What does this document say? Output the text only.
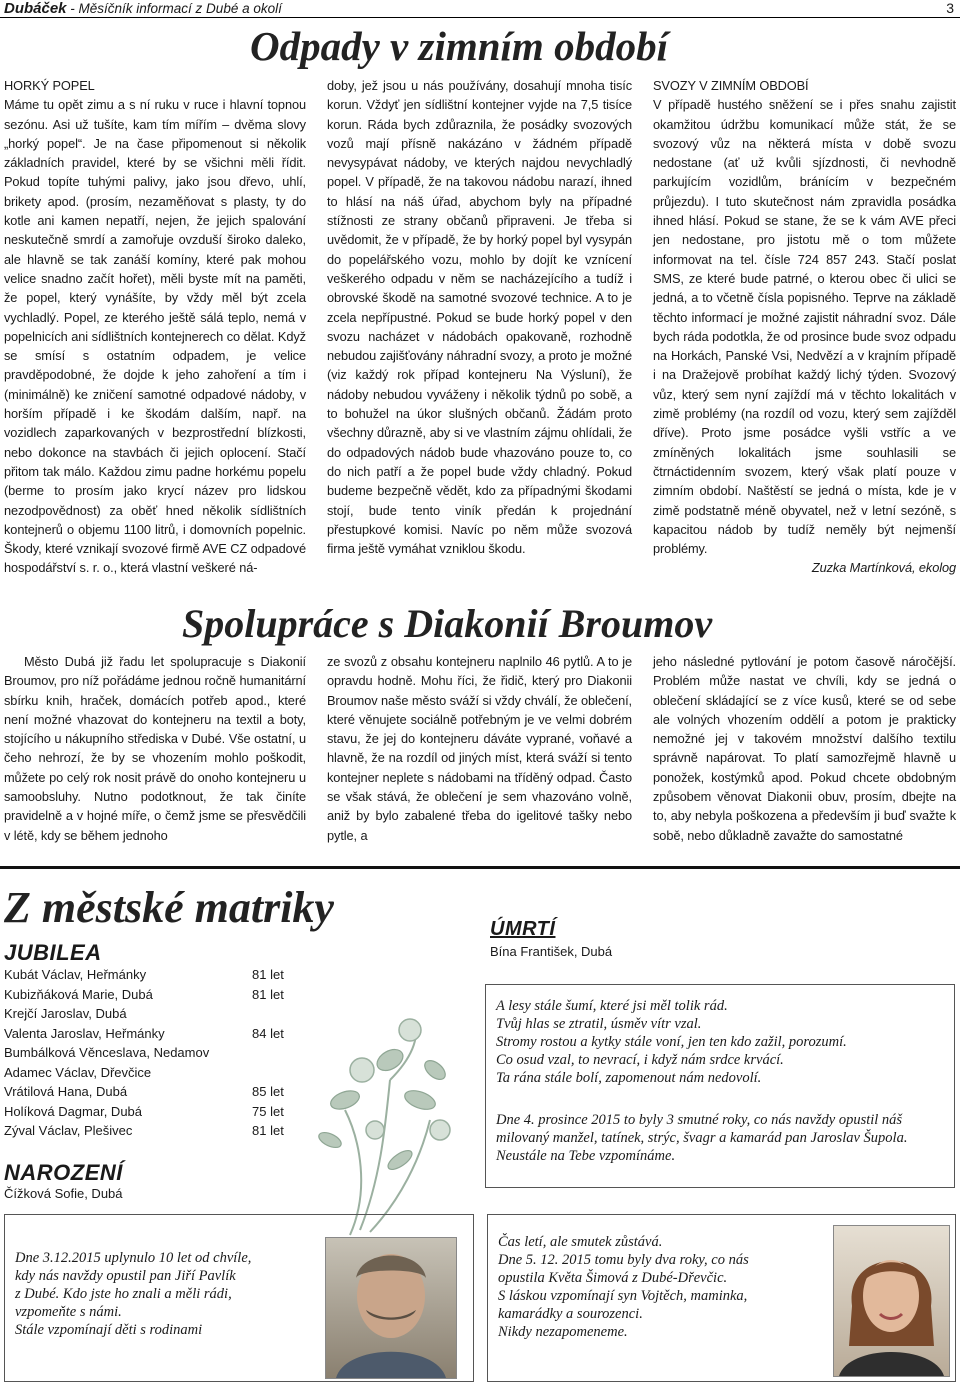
Dubáček - Měsíčník informací z Dubé a okolí	3
Odpady v zimním období

HORKÝ POPEL

Máme tu opět zimu a s ní ruku v ruce i hlavní topnou sezónu. Asi už tušíte, kam tím mířím – dvěma slovy „horký popel“. Je na čase připomenout si několik základních pravidel, které by se všichni měli řídit. Pokud topíte tuhými palivy, jako jsou dřevo, uhlí, brikety apod. (prosím, nezaměňovat s plasty, ty do kotle ani kamen nepatří, nejen, že jejich spalování neskutečně smrdí a zamořuje ovzduší široko daleko, ale hlavně se tak zanáší komíny, které pak mohou velice snadno začít hořet), měli byste mít na paměti, že popel, který vynášíte, by vždy měl být zcela vychladlý. Popel, ze kterého ještě sálá teplo, nemá v popelnicích ani sídlištních kontejnerech co dělat. Když se smísí s ostatním odpadem, je velice pravděpodobné, že dojde k jeho zahoření a tím i (minimálně) ke zničení samotné odpadové nádoby, v horším případě i ke škodám dalším, např. na vozidlech zaparkovaných v bezprostřední blízkosti, nebo dokonce na stavbách či jejich oplocení. Stačí přitom tak málo. Každou zimu padne horkému popelu (berme to prosím jako krycí název pro lidskou nezodpovědnost) za oběť hned několik sídlištních kontejnerů o objemu 1100 litrů, i domovních popelnic. Škody, které vznikají svozové firmě AVE CZ odpadové hospodářství s. r. o., která vlastní veškeré ná-

doby, jež jsou u nás používány, dosahují mnoha tisíc korun. Vždyť jen sídlištní kontejner vyjde na 7,5 tisíce korun. Ráda bych zdůraznila, že posádky svozových vozů mají přísně nakázáno v žádném případě nevysypávat nádoby, ve kterých najdou nevychladlý popel. V případě, že na takovou nádobu narazí, ihned to hlásí na náš úřad, abychom byly na případné stížnosti ze strany občanů připraveni. Je třeba si uvědomit, že v případě, že by horký popel byl vysypán do popelářského vozu, mohlo by dojít ke vznícení veškerého odpadu v něm se nacházejícího a tudíž i obrovské škodě na samotné svozové technice. A to je zcela nepřípustné. Pokud se bude horký popel v den svozu nacházet v nádobách opakovaně, rozhodně nebudou zajišťovány náhradní svozy, a proto je možné (viz každý rok případ kontejneru Na Výsluní), že nádoby nebudou vyváženy i několik týdnů po sobě, a to bohužel na úkor slušných občanů. Žádám proto všechny důrazně, aby si ve vlastním zájmu ohlídali, že do odpadových nádob bude vhazováno pouze to, co do nich patří a že popel bude vždy chladný. Pokud budeme bezpečně vědět, kdo za případnými škodami stojí, bude tento viník předán k projednání přestupkové komisi. Navíc po něm může svozová firma ještě vymáhat vzniklou škodu.

SVOZY V ZIMNÍM OBDOBÍ

V případě hustého sněžení se i přes snahu zajistit okamžitou údržbu komunikací může stát, že se svozový vůz na některá místa v době svozu nedostane (ať už kvůli sjízdnosti, či nevhodně parkujícím vozidlům, bránícím v bezpečném průjezdu). I tuto skutečnost nám zpravidla posádka ihned hlásí. Pokud se stane, že se k vám AVE přeci jen nedostane, pro jistotu mě o tom můžete informovat na tel. čísle 724 857 243. Stačí poslat SMS, ze které bude patrné, o kterou obec či ulici se jedná, a to včetně čísla popisného. Teprve na základě těchto informací je možné zajistit náhradní svoz. Dále bych ráda podotkla, že od prosince bude svoz odpadu na Horkách, Panské Vsi, Nedvězí a v krajním případě i na Dražejově probíhat každý lichý týden. Svozový vůz, který sem nyní zajíždí má v těchto lokalitách v zimě problémy (na rozdíl od vozu, který sem zajížděl dříve). Proto jsme posádce vyšli vstříc a ve zmíněných lokalitách jsme souhlasili se čtrnáctidenním svozem, který však platí pouze v zimním období. Naštěstí se jedná o místa, kde je v zimě podstatně méně obyvatel, než v letní sezóně, s kapacitou nádob by tudíž neměly být nejmenší problémy.

Zuzka Martínková, ekolog

Spolupráce s Diakonií Broumov

Město Dubá již řadu let spolupracuje s Diakonií Broumov, pro níž pořádáme jednou ročně humanitární sbírku knih, hraček, domácích potřeb apod., které není možné vhazovat do kontejneru na textil a boty, stojícího u nákupního střediska v Dubé. Vše ostatní, u čeho nehrozí, že by se vhozením mohlo poškodit, můžete po celý rok nosit právě do onoho kontejneru u samoobsluhy. Nutno podotknout, že tak činíte pravidelně a v hojné míře, o čemž jsme se přesvědčili v létě, kdy se během jednoho

ze svozů z obsahu kontejneru naplnilo 46 pytlů. A to je opravdu hodně. Mohu říci, že řidič, který pro Diakonii Broumov naše město sváží si vždy chválí, že oblečení, které věnujete sociálně potřebným je ve velmi dobrém stavu, že jej do kontejneru dáváte vyprané, voňavé a hlavně, že na rozdíl od jiných míst, která sváží si tento kontejner neplete s nádobami na tříděný odpad. Často se však stává, že oblečení je sem vhazováno volně, aniž by bylo zabalené třeba do igelitové tašky nebo pytle, a

jeho následné pytlování je potom časově náročější. Problém může nastat ve chvíli, kdy se jedná o oblečení skládající se z více kusů, které se od sebe ale volných vhozením oddělí a potom je prakticky nemožné jej v takovém množství dalšího textilu správně napárovat. To platí samozřejmě hlavně u ponožek, kostýmků apod. Pokud chcete obdobným způsobem věnovat Diakonii obuv, prosím, dbejte na to, aby nebyla poškozena a především ji buď svažte k sobě, nebo důkladně zavažte do samostatné

Z městské matriky
JUBILEA
Kubát Václav, Heřmánky	81 let
Kubizňáková Marie, Dubá	81 let
Krejčí Jaroslav, Dubá
Valenta Jaroslav, Heřmánky	84 let
Bumbálková Věnceslava, Nedamov
Adamec Václav, Dřevčice
Vrátilová Hana, Dubá	85 let
Holíková Dagmar, Dubá	75 let
Zýval Václav, Plešivec	81 let
NAROZENÍ
Čížková Sofie, Dubá
ÚMRTÍ
Bína František, Dubá

A lesy stále šumí, které jsi měl tolik rád.

Tvůj hlas se ztratil, úsměv vítr vzal.

Stromy rostou a kytky stále voní, jen ten kdo zažil, porozumí.

Co osud vzal, to nevrací, i když nám srdce krvácí.

Ta rána stále bolí, zapomenout nám nedovolí.

Dne 4. prosince 2015 to byly 3 smutné roky, co nás navždy opustil náš milovaný manžel, tatínek, strýc, švagr a kamarád pan Jaroslav Šupola. Neustále na Tebe vzpomínáme.

Dne 3.12.2015 uplynulo 10 let od chvíle,

kdy nás navždy opustil pan Jiří Pavlík

z Dubé. Kdo jste ho znali a měli rádi,

vzpomeňte s námi.

Stále vzpomínají děti s rodinami

Čas letí, ale smutek zůstává.

Dne 5. 12. 2015 tomu byly dva roky, co nás

opustila Květa Šimová z Dubé-Dřevčic.

S láskou vzpomínají syn Vojtěch, maminka,

kamarádky a sourozenci.

Nikdy nezapomeneme.
